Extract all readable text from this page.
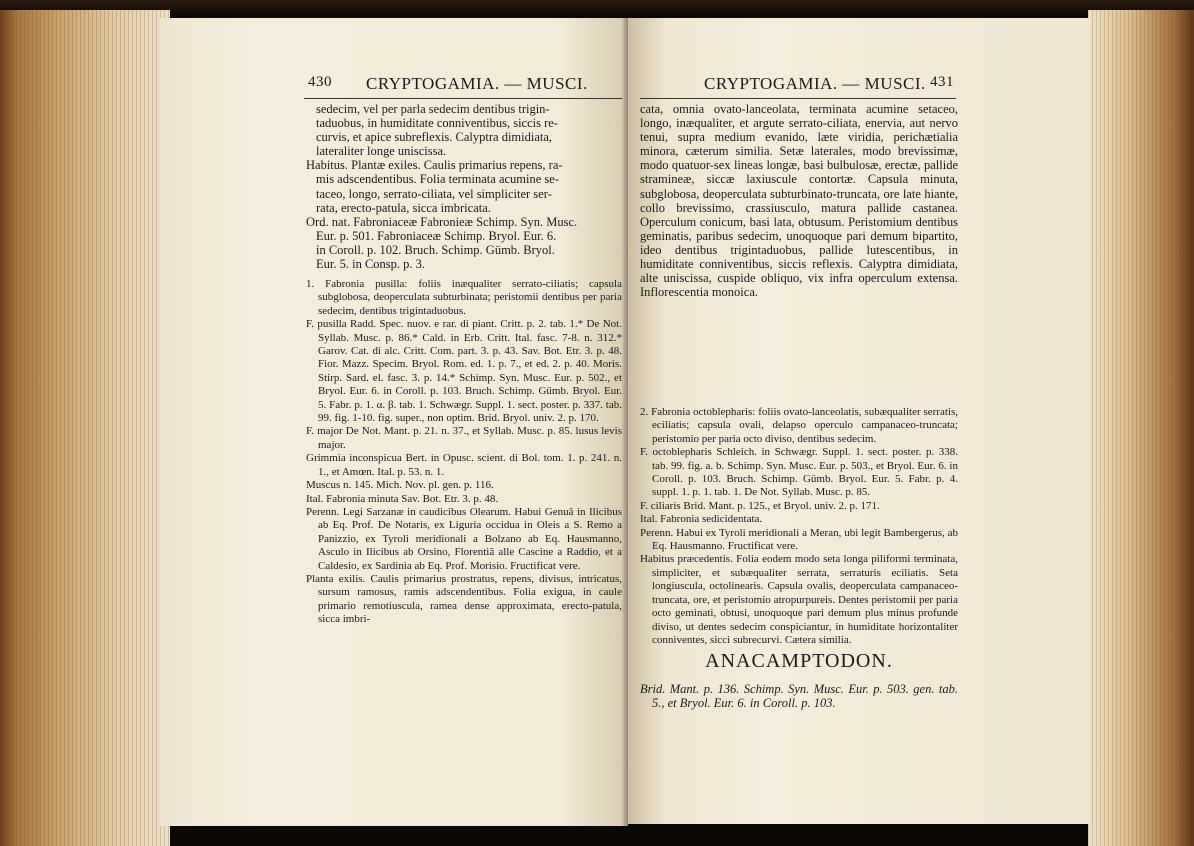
430 CRYPTOGAMIA. — MUSCI.

sedecim, vel per parla sedecim dentibus trigin-

taduobus, in humiditate conniventibus, siccis re-

curvis, et apice subreflexis. Calyptra dimidiata,

lateraliter longe uniscissa.

Habitus. Plantæ exiles. Caulis primarius repens, ra-

mis adscendentibus. Folia terminata acumine se-

taceo, longo, serrato-ciliata, vel simpliciter ser-

rata, erecto-patula, sicca imbricata.

Ord. nat. Fabroniaceæ Fabronieæ Schimp. Syn. Musc.

Eur. p. 501. Fabroniaceæ Schimp. Bryol. Eur. 6.

in Coroll. p. 102. Bruch. Schimp. Gümb. Bryol.

Eur. 5. in Consp. p. 3.

1. Fabronia pusilla: foliis inæqualiter serrato-ciliatis; capsula subglobosa, deoperculata subturbinata; peristomii dentibus per paria sedecim, dentibus trigintaduobus.

F. pusilla Radd. Spec. nuov. e rar. di piant. Critt. p. 2. tab. 1.* De Not. Syllab. Musc. p. 86.* Cald. in Erb. Critt. Ital. fasc. 7-8. n. 312.* Garov. Cat. di alc. Critt. Com. part. 3. p. 43. Sav. Bot. Etr. 3. p. 48. Fior. Mazz. Specim. Bryol. Rom. ed. 1. p. 7., et ed. 2. p. 40. Moris. Stirp. Sard. el. fasc. 3. p. 14.* Schimp. Syn. Musc. Eur. p. 502., et Bryol. Eur. 6. in Coroll. p. 103. Bruch. Schimp. Gümb. Bryol. Eur. 5. Fabr. p. 1. α. β. tab. 1. Schwægr. Suppl. 1. sect. poster. p. 337. tab. 99. fig. 1-10. fig. super., non optim. Brid. Bryol. univ. 2. p. 170.

F. major De Not. Mant. p. 21. n. 37., et Syllab. Musc. p. 85. lusus levis major.

Grimmia inconspicua Bert. in Opusc. scient. di Bol. tom. 1. p. 241. n. 1., et Amœn. Ital. p. 53. n. 1.

Muscus n. 145. Mich. Nov. pl. gen. p. 116.

Ital. Fabronia minuta Sav. Bot. Etr. 3. p. 48.

Perenn. Legi Sarzanæ in caudicibus Olearum. Habui Genuâ in Ilicibus ab Eq. Prof. De Notaris, ex Liguria occidua in Oleis a S. Remo a Panizzio, ex Tyroli meridionali a Bolzano ab Eq. Hausmanno, Asculo in Ilicibus ab Orsino, Florentiâ alle Cascine a Raddio, et a Caldesio, ex Sardinia ab Eq. Prof. Morisio. Fructificat vere.

Planta exilis. Caulis primarius prostratus, repens, divisus, intricatus, sursum ramosus, ramis adscendentibus. Folia exigua, in caule primario remotiuscula, ramea dense approximata, erecto-patula, sicca imbri-

CRYPTOGAMIA. — MUSCI. 431

cata, omnia ovato-lanceolata, terminata acumine setaceo, longo, inæqualiter, et argute serrato-ciliata, enervia, aut nervo tenui, supra medium evanido, læte viridia, perichætialia minora, cæterum similia. Setæ laterales, modo brevissimæ, modo quatuor-sex lineas longæ, basi bulbulosæ, erectæ, pallide straminеæ, siccæ laxiuscule contortæ. Capsula minuta, subglobosa, deoperculata subturbinato-truncata, ore late hiante, collo brevissimo, crassiusculo, matura pallide castanea. Operculum conicum, basi lata, obtusum. Peristomium dentibus geminatis, paribus sedecim, unoquoque pari demum bipartito, ideo dentibus trigintaduobus, pallide lutescentibus, in humiditate conniventibus, siccis reflexis. Calyptra dimidiata, alte uniscissa, cuspide obliquo, vix infra operculum extensa. Inflorescentia monoica.

2. Fabronia octoblepharis: foliis ovato-lanceolatis, subæqualiter serratis, eciliatis; capsula ovali, delapso operculo campanaceo-truncata; peristomio per paria octo diviso, dentibus sedecim.

F. octoblepharis Schleich. in Schwægr. Suppl. 1. sect. poster. p. 338. tab. 99. fig. a. b. Schimp. Syn. Musc. Eur. p. 503., et Bryol. Eur. 6. in Coroll. p. 103. Bruch. Schimp. Gümb. Bryol. Eur. 5. Fabr. p. 4. suppl. 1. p. 1. tab. 1. De Not. Syllab. Musc. p. 85.

F. ciliaris Brid. Mant. p. 125., et Bryol. univ. 2. p. 171.

Ital. Fabronia sedicidentata.

Perenn. Habui ex Tyroli meridionali a Meran, ubi legit Bambergerus, ab Eq. Hausmanno. Fructificat vere.

Habitus præcedentis. Folia eodem modo seta longa piliformi terminata, simpliciter, et subæqualiter serrata, serraturis eciliatis. Seta longiuscula, octolinearis. Capsula ovalis, deoperculata campanaceo-truncata, ore, et peristomio atropurpureis. Dentes peristomii per paria octo geminati, obtusi, unoquoque pari demum plus minus profunde diviso, ut dentes sedecim conspiciantur, in humiditate horizontaliter conniventes, sicci subrecurvi. Cætera similia.

ANACAMPTODON.

Brid. Mant. p. 136. Schimp. Syn. Musc. Eur. p. 503. gen. tab. 5., et Bryol. Eur. 6. in Coroll. p. 103.
